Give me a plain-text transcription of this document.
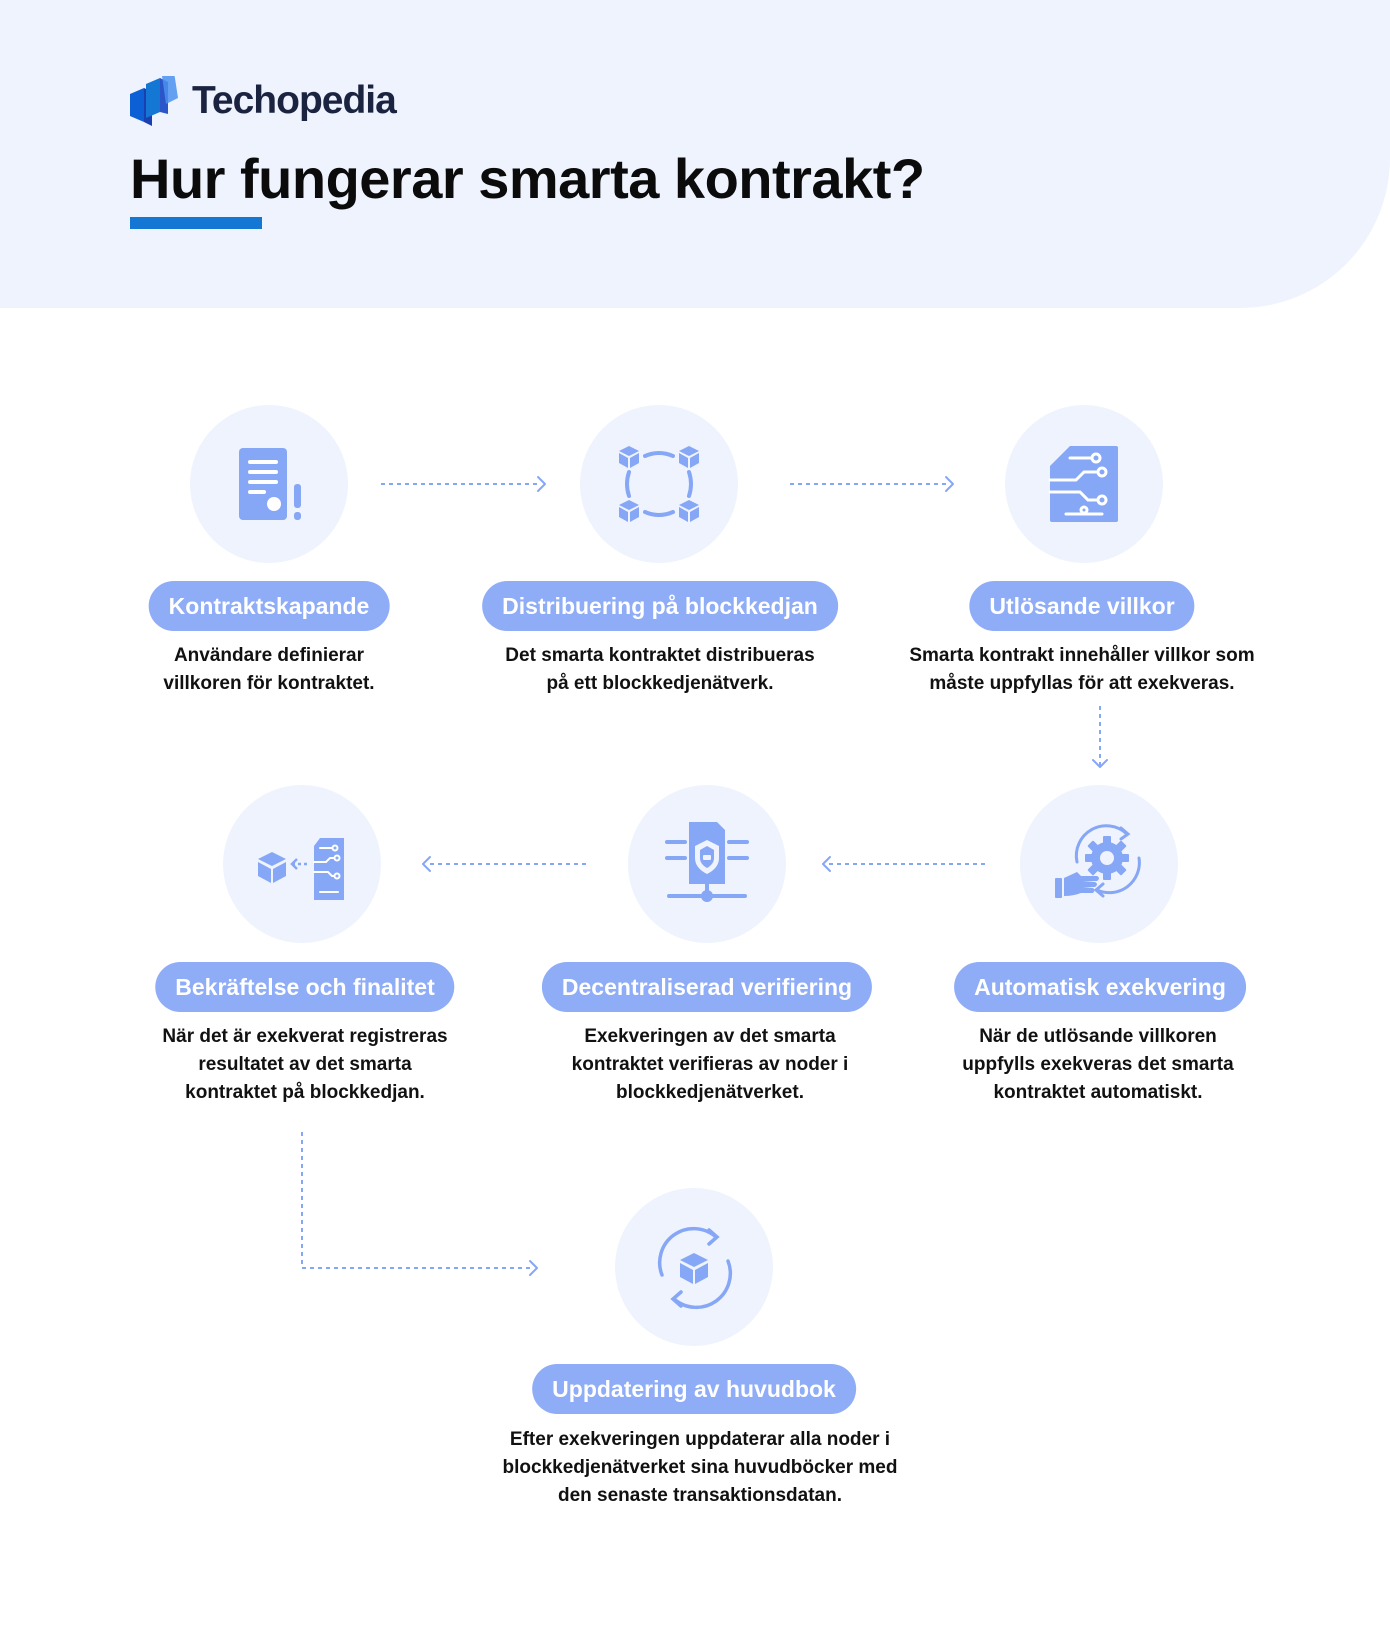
Techopedia
Hur fungerar smarta kontrakt?
Kontraktskapande
Användare definierar
villkoren för kontraktet.
Distribuering på blockkedjan
Det smarta kontraktet distribueras
på ett blockkedjenätverk.
Utlösande villkor
Smarta kontrakt innehåller villkor som
måste uppfyllas för att exekveras.
Automatisk exekvering
När de utlösande villkoren
uppfylls exekveras det smarta
kontraktet automatiskt.
Decentraliserad verifiering
Exekveringen av det smarta
kontraktet verifieras av noder i
blockkedjenätverket.
Bekräftelse och finalitet
När det är exekverat registreras
resultatet av det smarta
kontraktet på blockkedjan.
Uppdatering av huvudbok
Efter exekveringen uppdaterar alla noder i
blockkedjenätverket sina huvudböcker med
den senaste transaktionsdatan.
